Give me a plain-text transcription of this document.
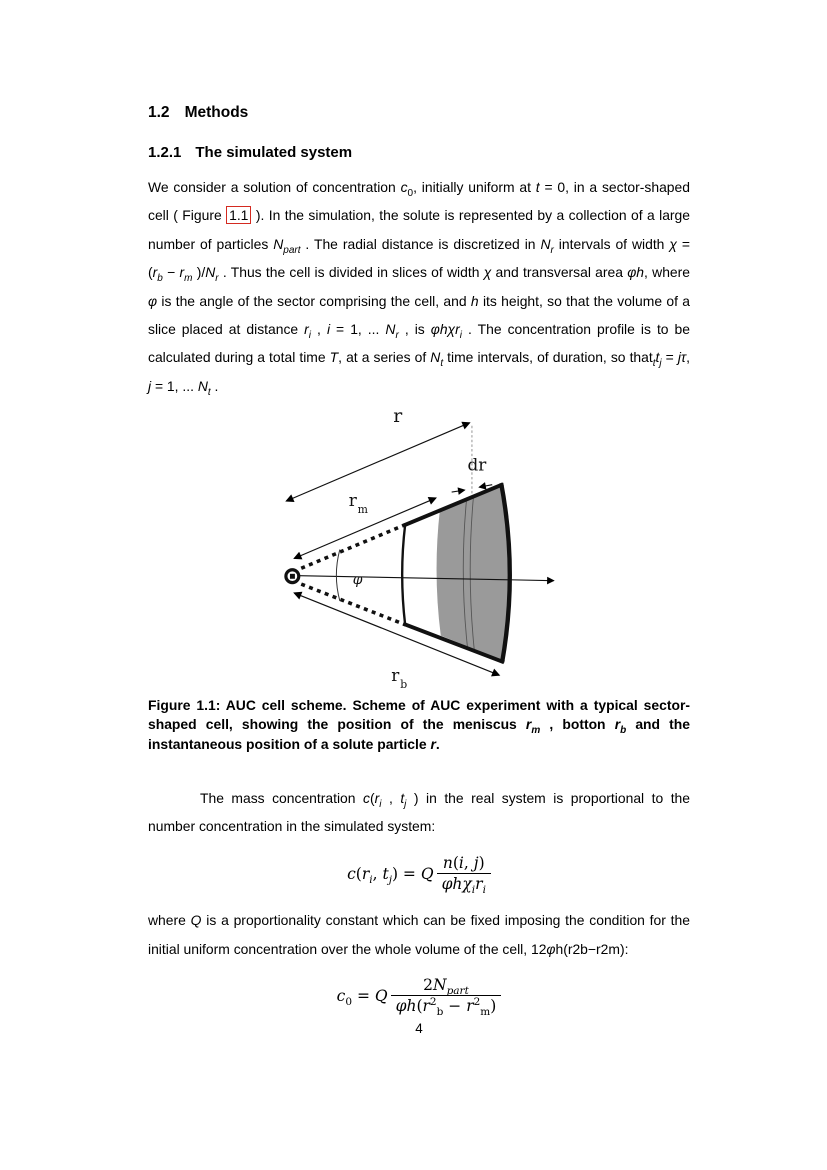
1.2 Methods
1.2.1 The simulated system
We consider a solution of concentration $c_0$, initially uniform at t = 0, in a sector-shaped cell ( Figure 1.1 ). In the simulation, the solute is represented by a collection of a large number of particles $N_{part}$ . The radial distance is discretized in $N_r$ intervals of width $\chi = (r_b - r_m$ )$/N_r$ . Thus the cell is divided in slices of width χ and transversal area φh, where φ is the angle of the sector comprising the cell, and h its height, so that the volume of a slice placed at distance $r_i$ , i = 1, ... $N_r$ , is φhχr$_i$ . The concentration profile is to be calculated during a total time T, at a series of $N_t$ time intervals, of duration, so $that_tt_j = j\tau$, j = 1, ... $N_t$ .
φ
r
dr
r m
r b
Figure 1.1: AUC cell scheme. Scheme of AUC experiment with a typical sector-shaped cell, showing the position of the meniscus $r_m$ , botton $r_b$ and the instantaneous position of a solute particle r.
The mass concentration $c(r_i$ , $t_j$ ) in the real system is proportional to the number concentration in the simulated system:
$c(r_i$, $t_j) = Q \frac{n(i, j)}{\varphi h\chi_ir_i}$
where Q is a proportionality constant which can be fixed imposing the condition for the initial uniform concentration over the whole volume of the cell, 12φh(r2b−r2m):
$c_0 = Q \frac{2N_{part}}{\varphi h(r^2_b - r^2_m)}$
4
